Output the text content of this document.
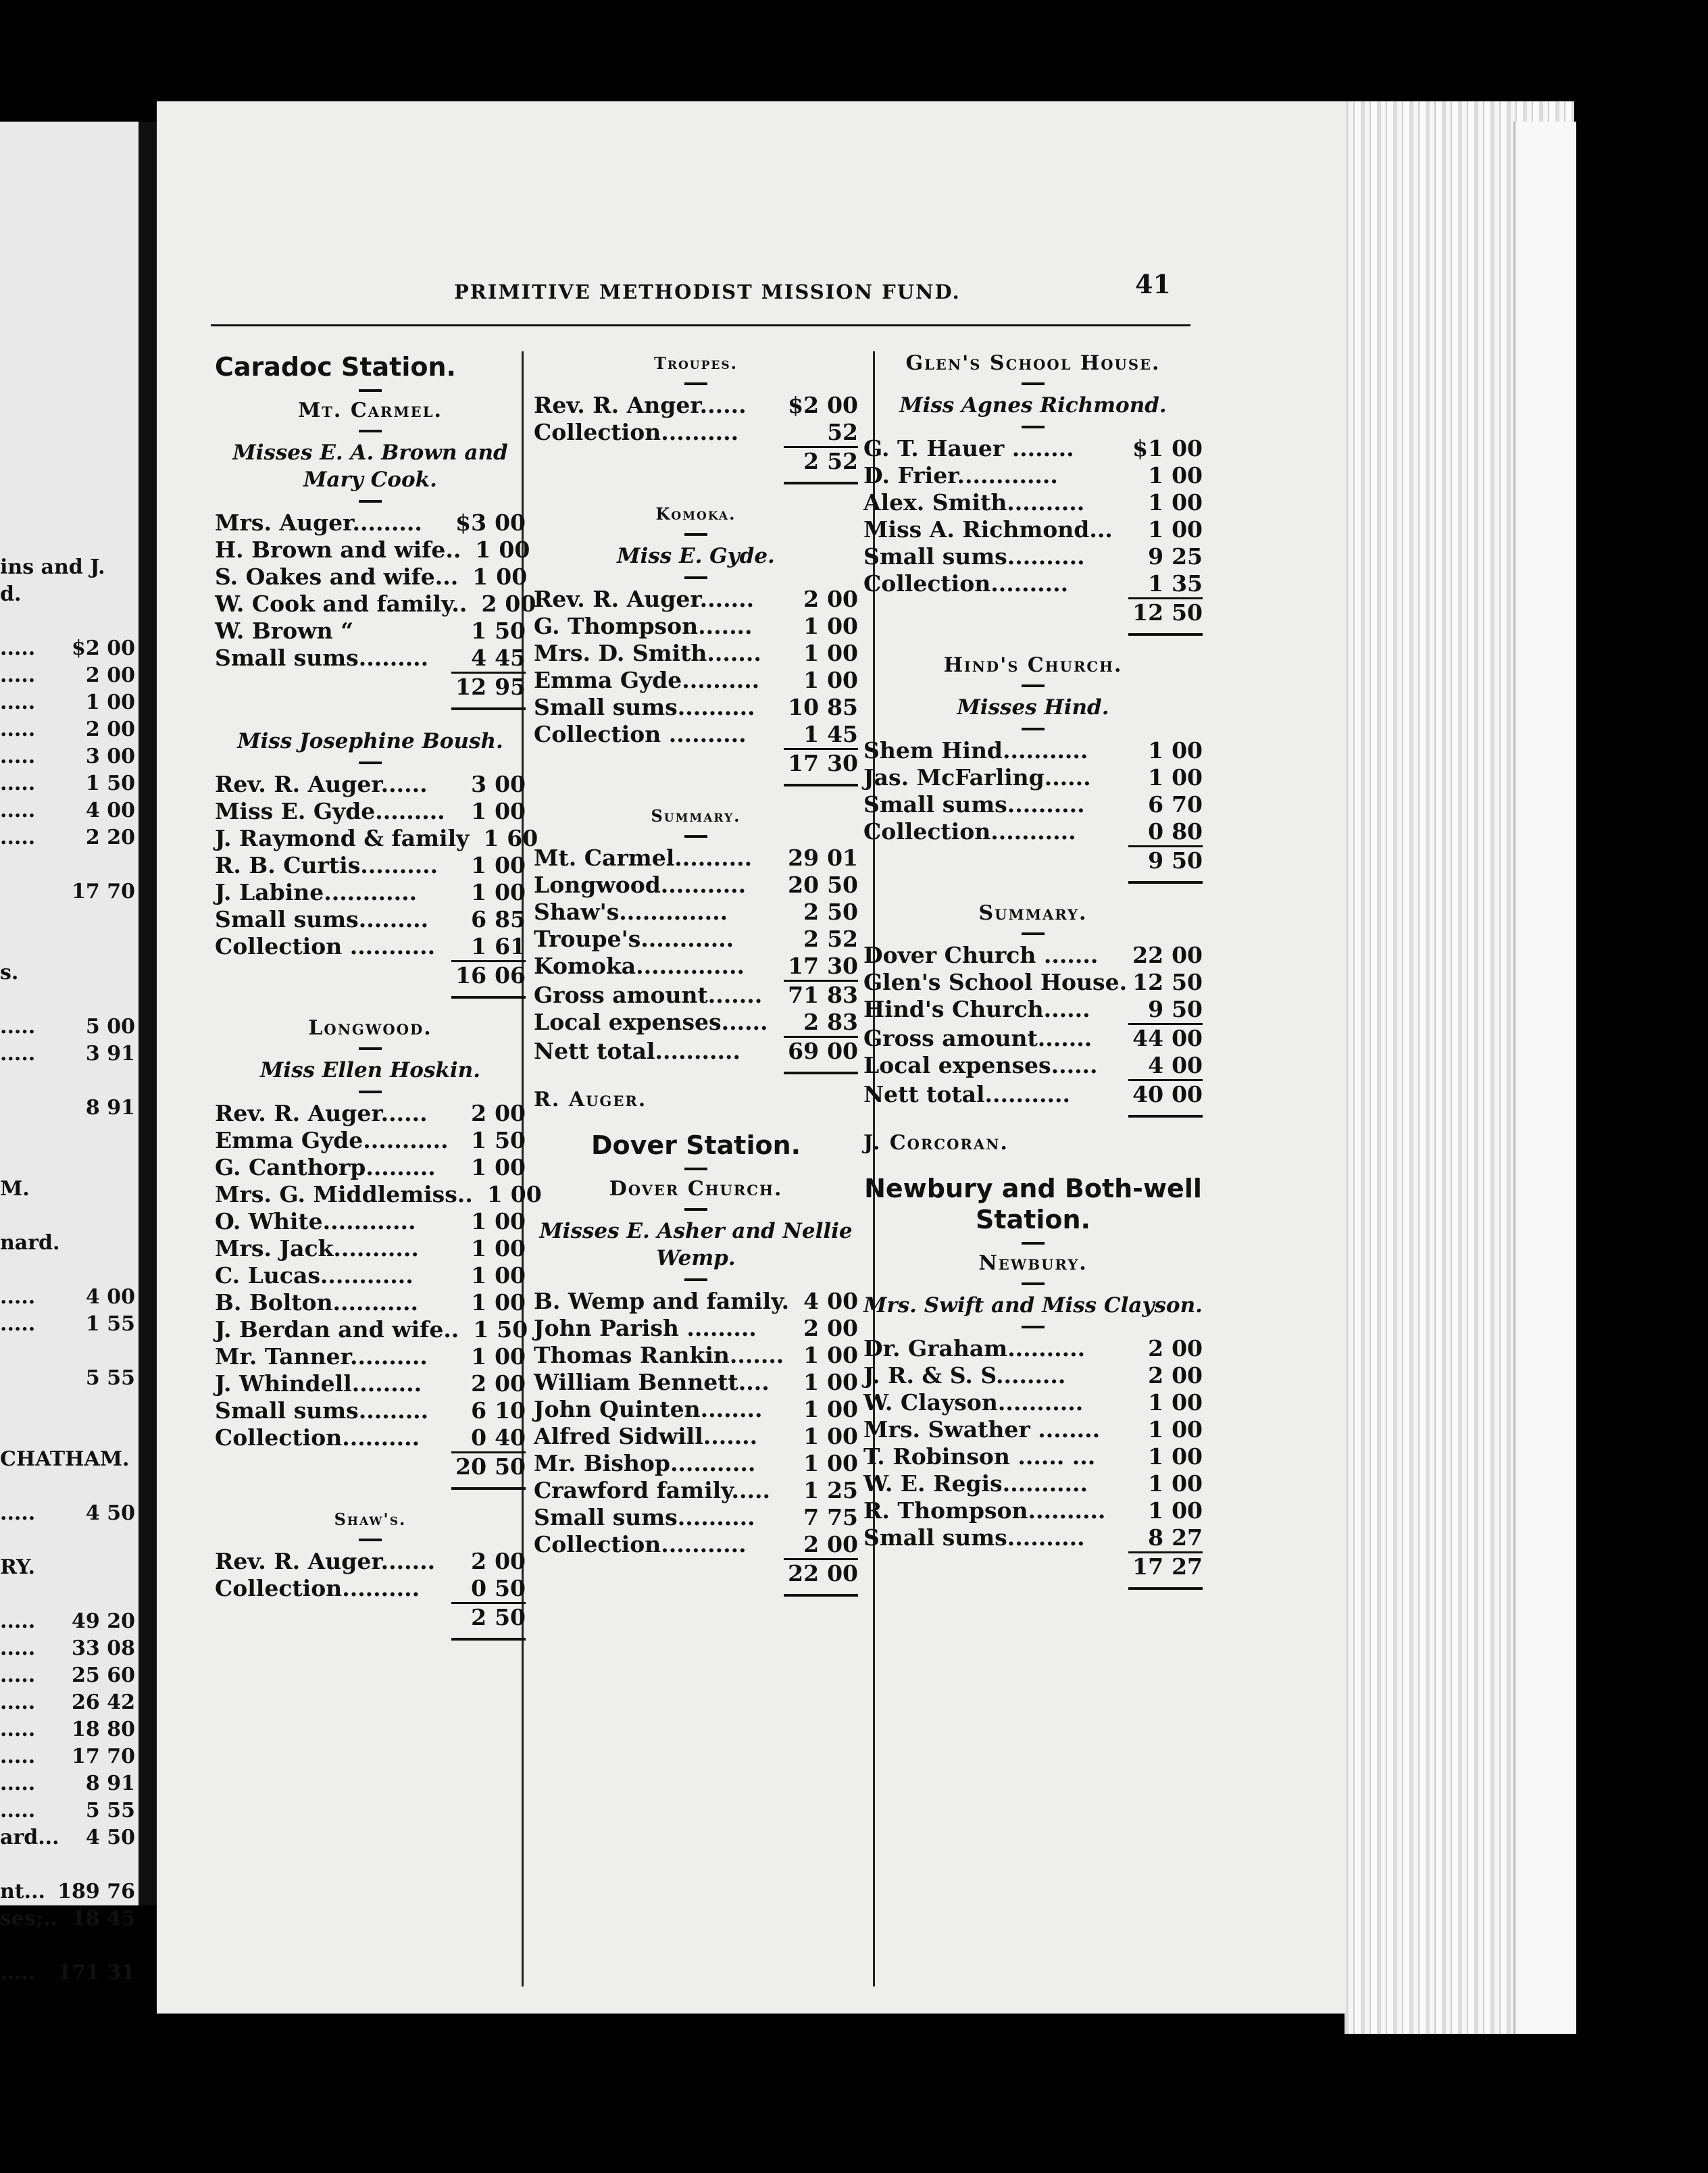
ins and J.
d.
..... $2 00
..... 2 00
..... 1 00
..... 2 00
..... 3 00
..... 1 50
..... 4 00
..... 2 20
17 70
s.
..... 5 00
..... 3 91
8 91
M.
nard.
..... 4 00
..... 1 55
5 55
CHATHAM.
..... 4 50
RY.
..... 49 20
..... 33 08
..... 25 60
..... 26 42
..... 18 80
..... 17 70
..... 8 91
..... 5 55
ard... 4 50
nt... 189 76
ses;.. 18 45
..... 171 31
PRIMITIVE METHODIST MISSION FUND.	41
Caradoc Station.
Mt. Carmel.
Misses E. A. Brown and Mary Cook.
Mrs. Auger......... $3 00
H. Brown and wife.. 1 00
S. Oakes and wife... 1 00
W. Cook and family.. 2 00
W. Brown “	1 50
Small sums.........	4 45
12 95
Miss Josephine Boush.
Rev. R. Auger......	3 00
Miss E. Gyde.........	1 00
J. Raymond & family 1 60
R. B. Curtis..........	1 00
J. Labine............	1 00
Small sums.........	6 85
Collection ...........	1 61
16 06
Longwood.
Miss Ellen Hoskin.
Rev. R. Auger......	2 00
Emma Gyde...........	1 50
G. Canthorp.........	1 00
Mrs. G. Middlemiss.. 1 00
O. White............	1 00
Mrs. Jack...........	1 00
C. Lucas............	1 00
B. Bolton...........	1 00
J. Berdan and wife.. 1 50
Mr. Tanner..........	1 00
J. Whindell.........	2 00
Small sums.........	6 10
Collection..........	0 40
20 50
Shaw's.
Rev. R. Auger.......	2 00
Collection..........	0 50
2 50
Troupes.
Rev. R. Anger...... $2 00
Collection..........	52
2 52
Komoka.
Miss E. Gyde.
Rev. R. Auger.......	2 00
G. Thompson.......	1 00
Mrs. D. Smith.......	1 00
Emma Gyde..........	1 00
Small sums.......... 10 85
Collection ..........	1 45
17 30
Summary.
Mt. Carmel.......... 29 01
Longwood........... 20 50
Shaw's..............	2 50
Troupe's............	2 52
Komoka.............. 17 30
Gross amount....... 71 83
Local expenses......	2 83
Nett total........... 69 00
R. Auger.
Dover Station.
Dover Church.
Misses E. Asher and Nellie Wemp.
B. Wemp and family. 4 00
John Parish .........	2 00
Thomas Rankin....... 1 00
William Bennett....	1 00
John Quinten........	1 00
Alfred Sidwill.......	1 00
Mr. Bishop...........	1 00
Crawford family.....	1 25
Small sums..........	7 75
Collection...........	2 00
22 00
Glen's School House.
Miss Agnes Richmond.
G. T. Hauer ........	$1 00
D. Frier.............	1 00
Alex. Smith..........	1 00
Miss A. Richmond...	1 00
Small sums..........	9 25
Collection..........	1 35
12 50
Hind's Church.
Misses Hind.
Shem Hind...........	1 00
Jas. McFarling......	1 00
Small sums..........	6 70
Collection...........	0 80
9 50
Summary.
Dover Church ....... 22 00
Glen's School House. 12 50
Hind's Church......	9 50
Gross amount....... 44 00
Local expenses......	4 00
Nett total...........	40 00
J. Corcoran.
Newbury and Both-well Station.
Newbury.
Mrs. Swift and Miss Clayson.
Dr. Graham..........	2 00
J. R. & S. S.........	2 00
W. Clayson...........	1 00
Mrs. Swather ........	1 00
T. Robinson ...... ...	1 00
W. E. Regis...........	1 00
R. Thompson..........	1 00
Small sums..........	8 27
17 27
